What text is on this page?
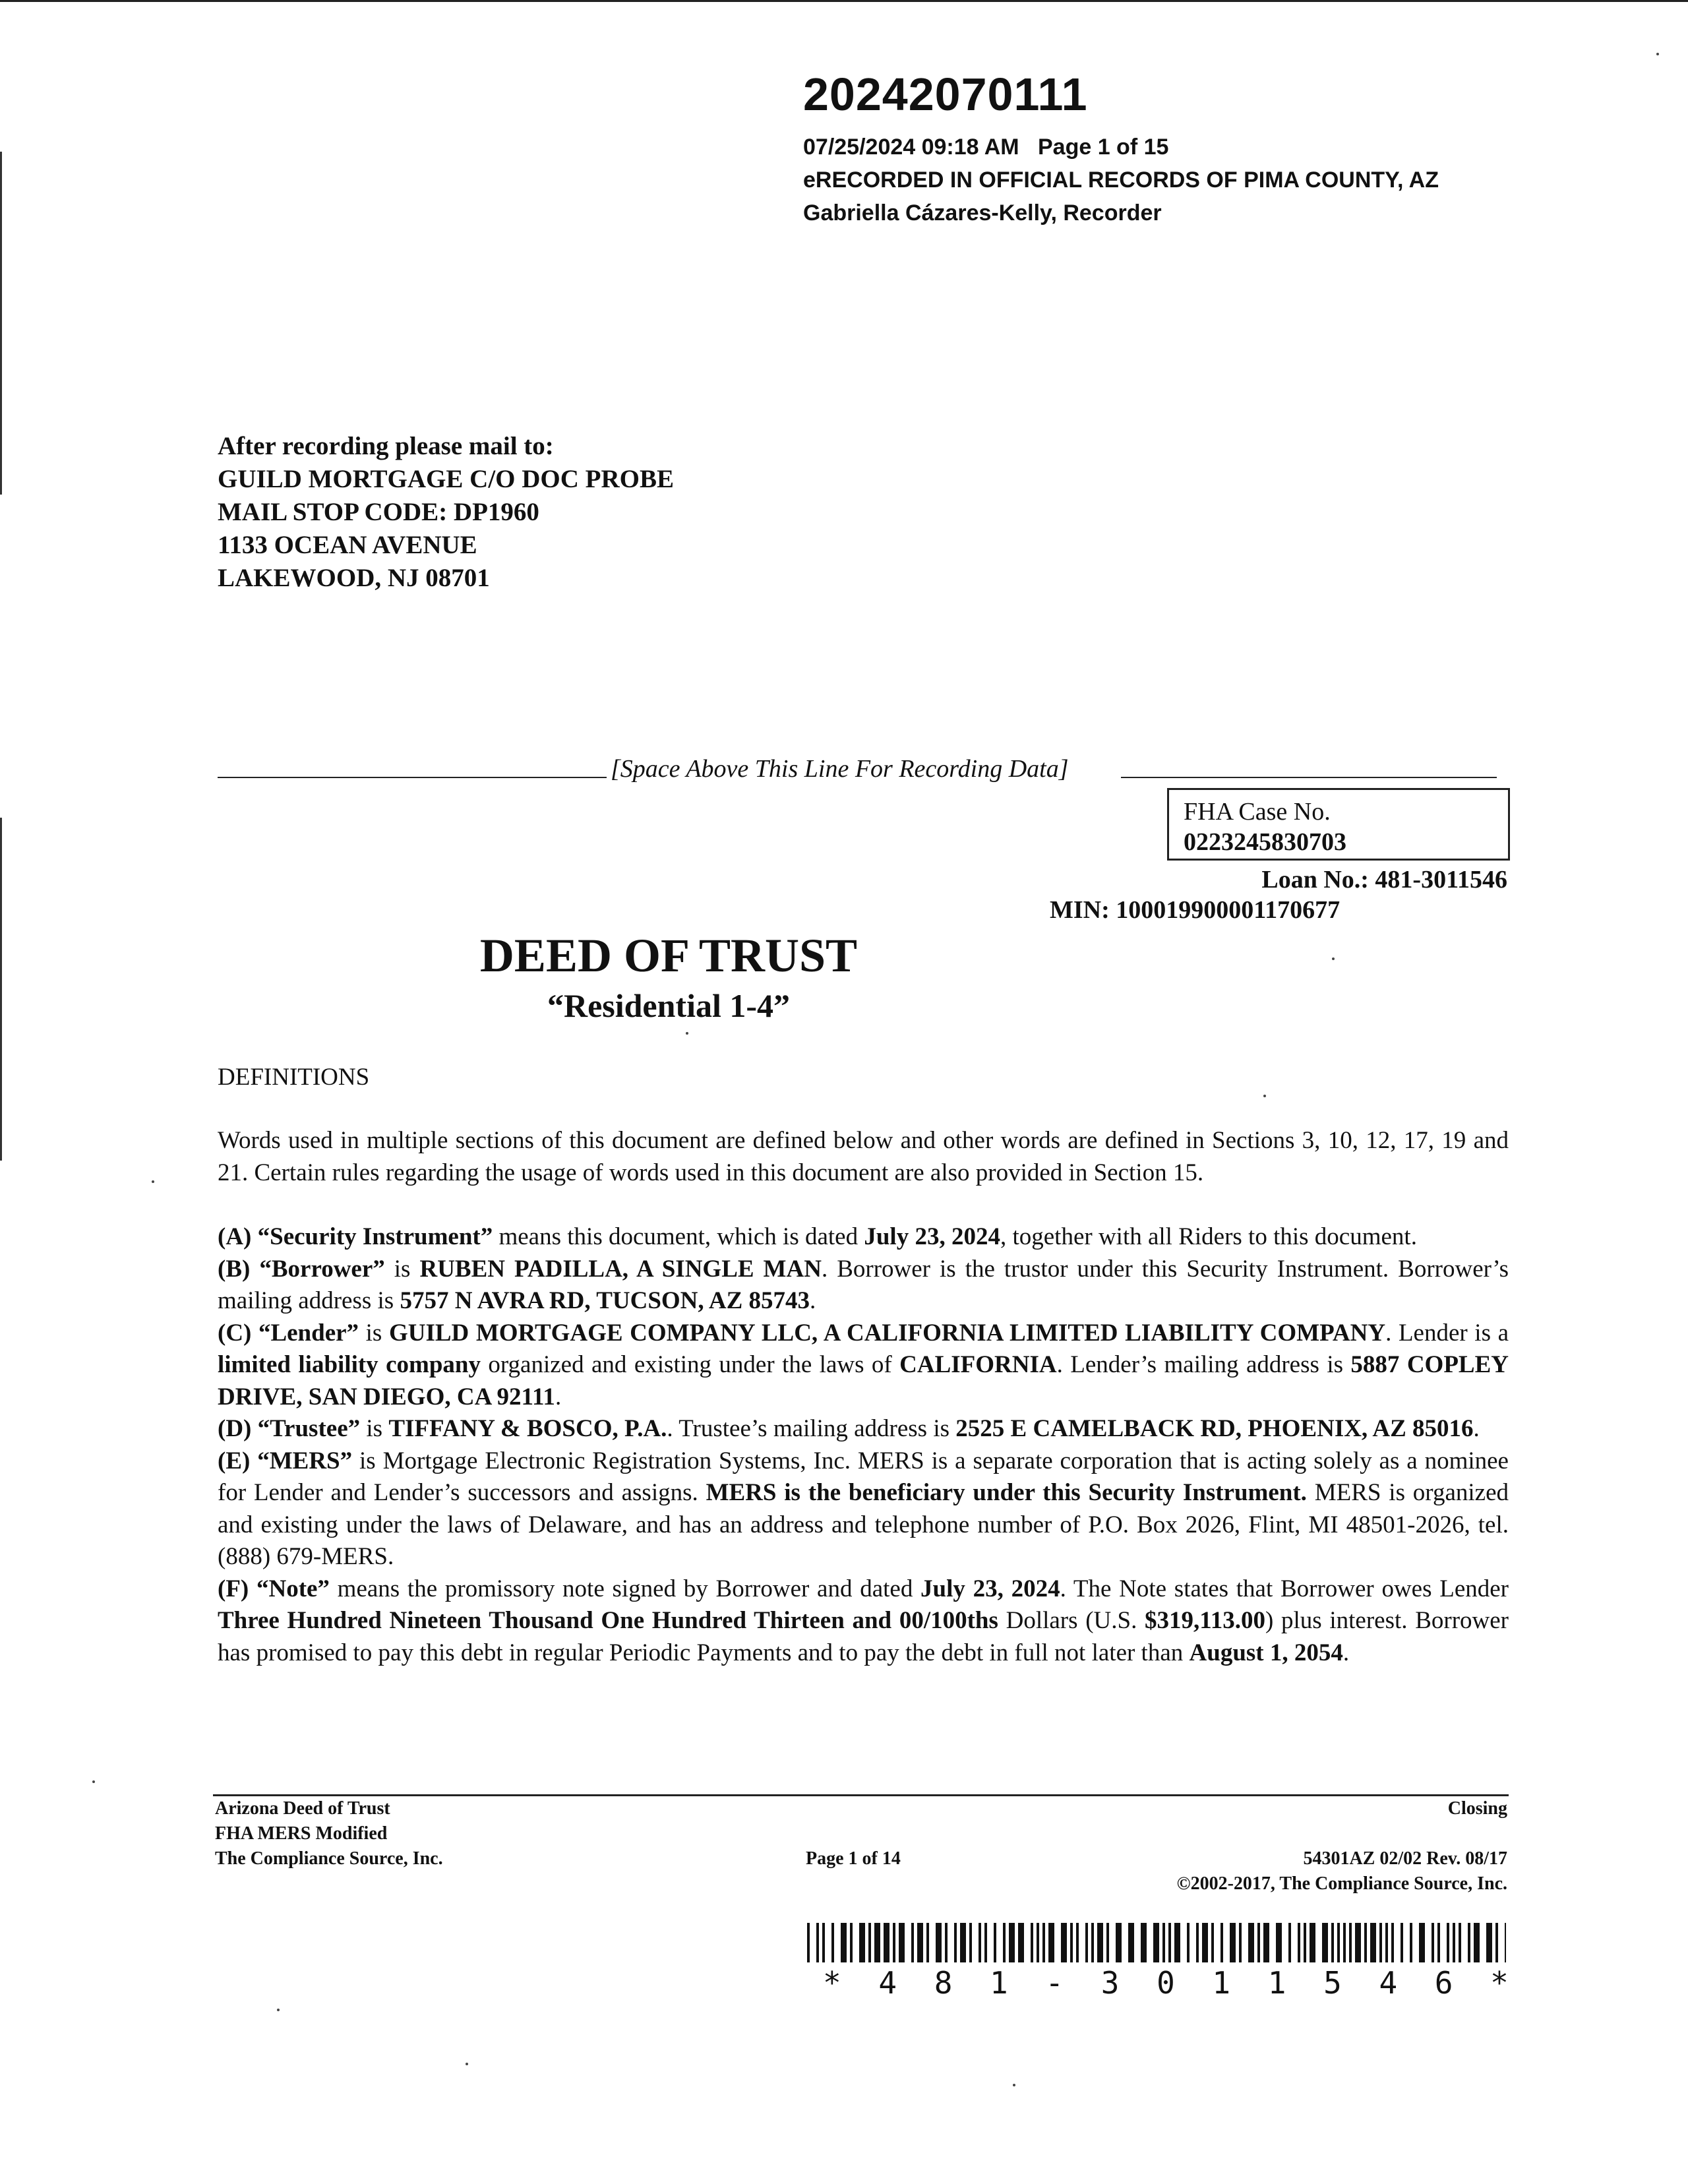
20242070111
07/25/2024 09:18 AM Page 1 of 15
eRECORDED IN OFFICIAL RECORDS OF PIMA COUNTY, AZ
Gabriella Cázares-Kelly, Recorder
After recording please mail to:
GUILD MORTGAGE C/O DOC PROBE
MAIL STOP CODE: DP1960
1133 OCEAN AVENUE
LAKEWOOD, NJ 08701
[Space Above This Line For Recording Data]
FHA Case No.
0223245830703
Loan No.: 481-3011546
MIN: 100019900001170677
DEED OF TRUST
“Residential 1-4”
DEFINITIONS

Words used in multiple sections of this document are defined below and other words are defined in Sections 3, 10, 12, 17, 19 and 21. Certain rules regarding the usage of words used in this document are also provided in Section 15.

(A) “Security Instrument” means this document, which is dated July 23, 2024, together with all Riders to this document.

(B) “Borrower” is RUBEN PADILLA, A SINGLE MAN. Borrower is the trustor under this Security Instrument. Borrower’s mailing address is 5757 N AVRA RD, TUCSON, AZ 85743.

(C) “Lender” is GUILD MORTGAGE COMPANY LLC, A CALIFORNIA LIMITED LIABILITY COMPANY. Lender is a limited liability company organized and existing under the laws of CALIFORNIA. Lender’s mailing address is 5887 COPLEY DRIVE, SAN DIEGO, CA 92111.

(D) “Trustee” is TIFFANY & BOSCO, P.A.. Trustee’s mailing address is 2525 E CAMELBACK RD, PHOENIX, AZ 85016.

(E) “MERS” is Mortgage Electronic Registration Systems, Inc. MERS is a separate corporation that is acting solely as a nominee for Lender and Lender’s successors and assigns. MERS is the beneficiary under this Security Instrument. MERS is organized and existing under the laws of Delaware, and has an address and telephone number of P.O. Box 2026, Flint, MI 48501-2026, tel. (888) 679-MERS.

(F) “Note” means the promissory note signed by Borrower and dated July 23, 2024. The Note states that Borrower owes Lender Three Hundred Nineteen Thousand One Hundred Thirteen and 00/100ths Dollars (U.S. $319,113.00) plus interest. Borrower has promised to pay this debt in regular Periodic Payments and to pay the debt in full not later than August 1, 2054.

Arizona Deed of Trust
FHA MERS Modified
The Compliance Source, Inc.
Closing
Page 1 of 14	54301AZ 02/02 Rev. 08/17
©2002-2017, The Compliance Source, Inc.
* 4 8 1 - 3 0 1 1 5 4 6 *
